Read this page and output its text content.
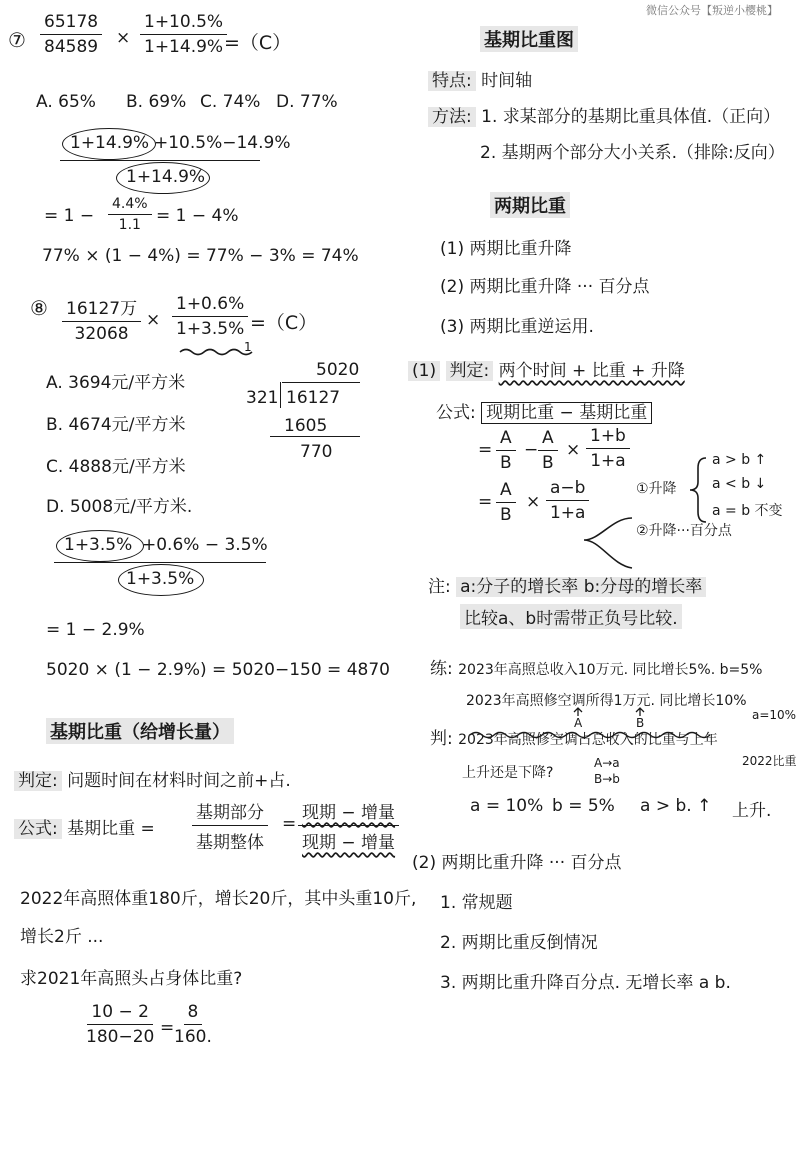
微信公众号【叛逆小樱桃】
⑦ $\frac{65178}{84589} \times \frac{1+10.5\%}{1+14.9\%}$
=（C）
A. 65% B. 69% C. 74% D. 77%
1+14.9% +10.5%−14.9%
1+14.9%
= $1 - \frac{4.4\%}{1.1} = 1 - 4\%$
77% × (1 − 4%) = 77% − 3% = 74%
⑧ 16127万
32068
× $\frac{1+0.6\%}{1+3.5\%} =(C)$
1
A. 3694元/平方米
B. 4674元/平方米
C. 4888元/平方米
D. 5008元/平方米.
5020
321 16127
1605
770
1+3.5% +0.6% − 3.5%
1+3.5%
= 1 − 2.9%
5020 × (1 − 2.9%) = 5020−150 = 4870
基期比重（给增长量）
判定: 问题时间在材料时间之前+占.
公式: 基期比重 =
基期部分
基期整体
=
现期 − 增量
现期 − 增量
2022年高照体重180斤，增长20斤，其中头重10斤,
增长2斤 ...
求2021年高照头占身体比重?
$\frac{10 - 2}{180-20} = \frac{8}{160.}$
基期比重图
特点: 时间轴
方法: 1. 求某部分的基期比重具体值.（正向）
2. 基期两个部分大小关系.（排除:反向）
两期比重
(1) 两期比重升降
(2) 两期比重升降 ··· 百分点
(3) 两期比重逆运用.
(1) 判定: 两个时间 + 比重 + 升降
公式: 现期比重 − 基期比重
= $\frac{A}{B} - \frac{A}{B} \times \frac{1+b}{1+a}$
= $\frac{A}{B} \times \frac{a-b}{1+a}$	①升降
②升降···百分点
a > b ↑
a < b ↓
a = b 不变
注: a:分子的增长率 b:分母的增长率
比较a、b时需带正负号比较.
练: 2023年高照总收入10万元. 同比增长5%. b=5%
2023年高照修空调所得1万元. 同比增长10%
a=10%
A	B
判: 2023年高照修空调占总收入的比重与上年
2022比重
上升还是下降?
A→a
B→b
a = 10% b = 5% a > b. ↑ 上升.
(2) 两期比重升降 ··· 百分点
1. 常规题
2. 两期比重反倒情况
3. 两期比重升降百分点. 无增长率 a b.
